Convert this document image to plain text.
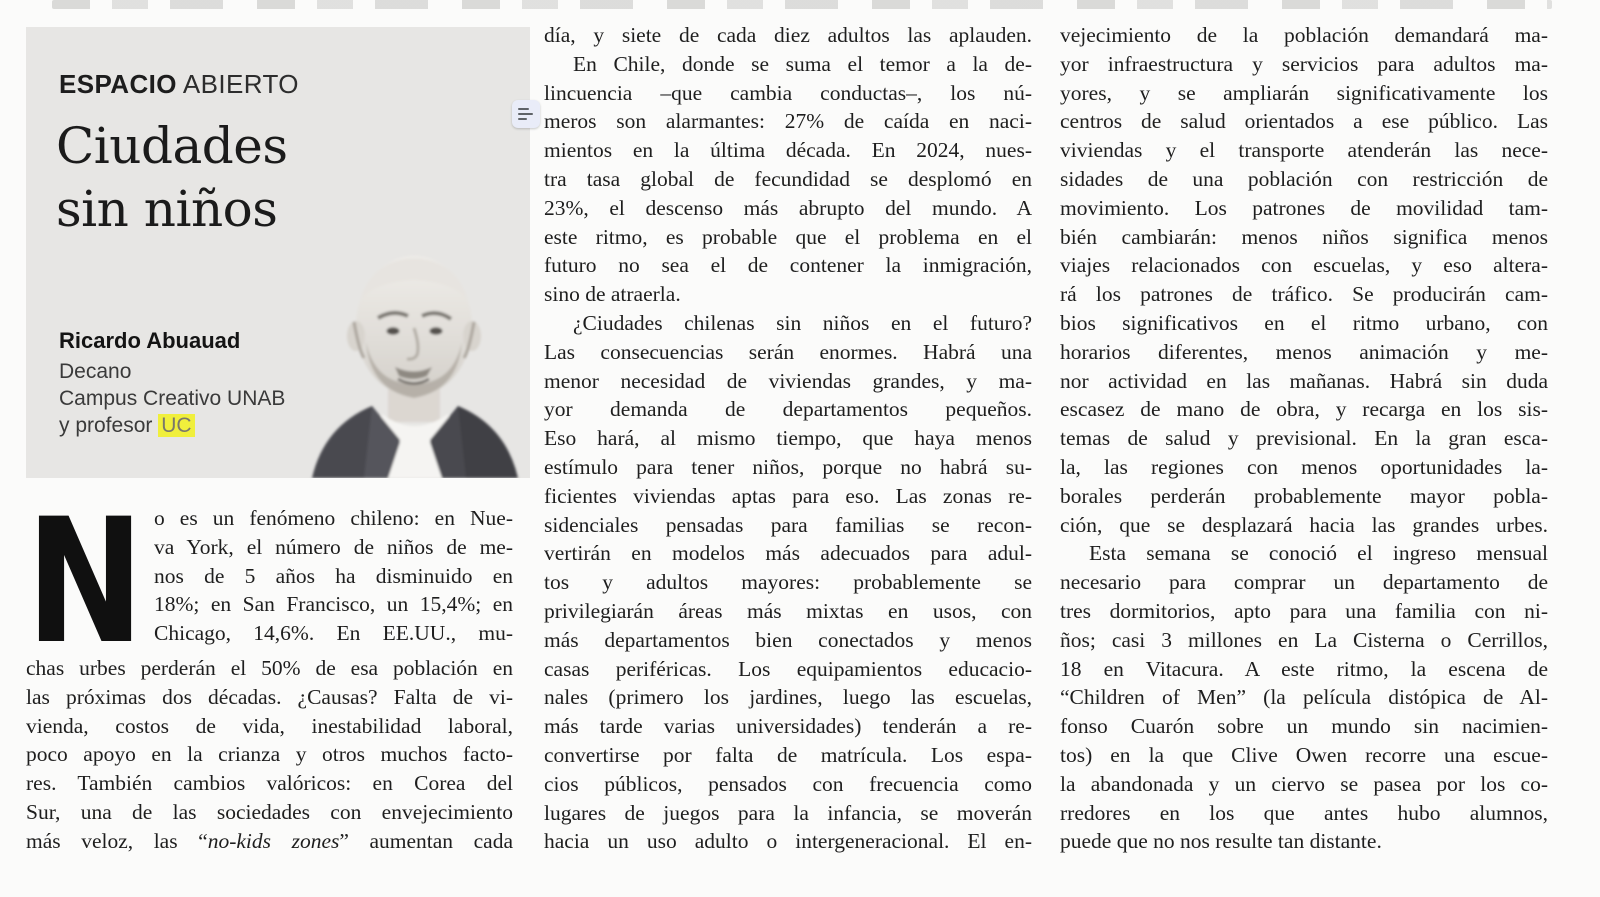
ESPACIO ABIERTO
Ciudades
sin niños
Ricardo Abuauad
Decano
Campus Creativo UNAB
y profesor UC
N o es un fenómeno chileno: en Nue-
va York, el número de niños de me-
nos de 5 años ha disminuido en
18%; en San Francisco, un 15,4%; en
Chicago, 14,6%. En EE.UU., mu-
chas urbes perderán el 50% de esa población en
las próximas dos décadas. ¿Causas? Falta de vi-
vienda, costos de vida, inestabilidad laboral,
poco apoyo en la crianza y otros muchos facto-
res. También cambios valóricos: en Corea del
Sur, una de las sociedades con envejecimiento
más veloz, las “no-kids zones” aumentan cada
día, y siete de cada diez adultos las aplauden.
En Chile, donde se suma el temor a la de-
lincuencia –que cambia conductas–, los nú-
meros son alarmantes: 27% de caída en naci-
mientos en la última década. En 2024, nues-
tra tasa global de fecundidad se desplomó en
23%, el descenso más abrupto del mundo. A
este ritmo, es probable que el problema en el
futuro no sea el de contener la inmigración,
sino de atraerla.
¿Ciudades chilenas sin niños en el futuro?
Las consecuencias serán enormes. Habrá una
menor necesidad de viviendas grandes, y ma-
yor demanda de departamentos pequeños.
Eso hará, al mismo tiempo, que haya menos
estímulo para tener niños, porque no habrá su-
ficientes viviendas aptas para eso. Las zonas re-
sidenciales pensadas para familias se recon-
vertirán en modelos más adecuados para adul-
tos y adultos mayores: probablemente se
privilegiarán áreas más mixtas en usos, con
más departamentos bien conectados y menos
casas periféricas. Los equipamientos educacio-
nales (primero los jardines, luego las escuelas,
más tarde varias universidades) tenderán a re-
convertirse por falta de matrícula. Los espa-
cios públicos, pensados con frecuencia como
lugares de juegos para la infancia, se moverán
hacia un uso adulto o intergeneracional. El en-
vejecimiento de la población demandará ma-
yor infraestructura y servicios para adultos ma-
yores, y se ampliarán significativamente los
centros de salud orientados a ese público. Las
viviendas y el transporte atenderán las nece-
sidades de una población con restricción de
movimiento. Los patrones de movilidad tam-
bién cambiarán: menos niños significa menos
viajes relacionados con escuelas, y eso altera-
rá los patrones de tráfico. Se producirán cam-
bios significativos en el ritmo urbano, con
horarios diferentes, menos animación y me-
nor actividad en las mañanas. Habrá sin duda
escasez de mano de obra, y recarga en los sis-
temas de salud y previsional. En la gran esca-
la, las regiones con menos oportunidades la-
borales perderán probablemente mayor pobla-
ción, que se desplazará hacia las grandes urbes.
Esta semana se conoció el ingreso mensual
necesario para comprar un departamento de
tres dormitorios, apto para una familia con ni-
ños; casi 3 millones en La Cisterna o Cerrillos,
18 en Vitacura. A este ritmo, la escena de
“Children of Men” (la película distópica de Al-
fonso Cuarón sobre un mundo sin nacimien-
tos) en la que Clive Owen recorre una escue-
la abandonada y un ciervo se pasea por los co-
rredores en los que antes hubo alumnos,
puede que no nos resulte tan distante.
